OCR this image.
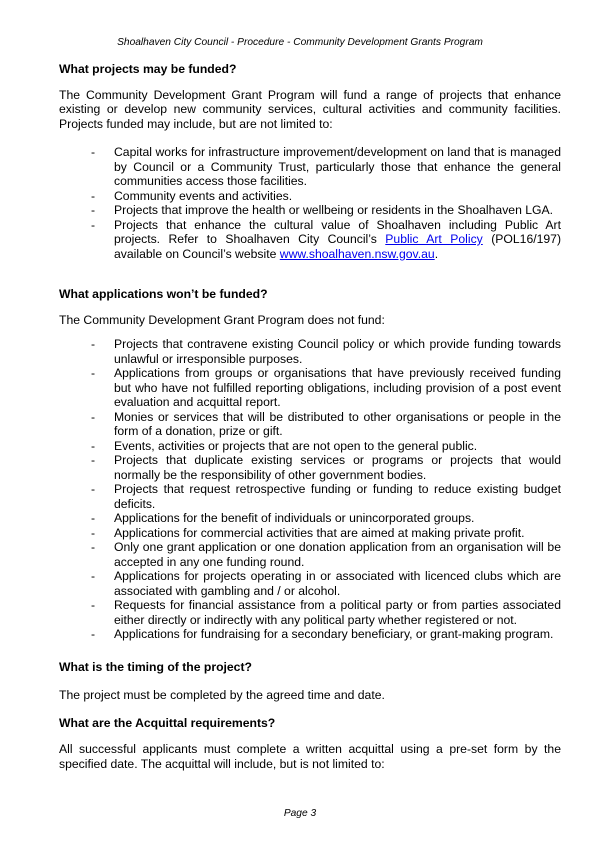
Shoalhaven City Council - Procedure - Community Development Grants Program
What projects may be funded?

The Community Development Grant Program will fund a range of projects that enhance existing or develop new community services, cultural activities and community facilities. Projects funded may include, but are not limited to:

- Capital works for infrastructure improvement/development on land that is managed by Council or a Community Trust, particularly those that enhance the general communities access those facilities.
- Community events and activities.
- Projects that improve the health or wellbeing or residents in the Shoalhaven LGA.
- Projects that enhance the cultural value of Shoalhaven including Public Art projects. Refer to Shoalhaven City Council’s Public Art Policy (POL16/197) available on Council’s website www.shoalhaven.nsw.gov.au.
What applications won’t be funded?

The Community Development Grant Program does not fund:

- Projects that contravene existing Council policy or which provide funding towards unlawful or irresponsible purposes.
- Applications from groups or organisations that have previously received funding but who have not fulfilled reporting obligations, including provision of a post event evaluation and acquittal report.
- Monies or services that will be distributed to other organisations or people in the form of a donation, prize or gift.
- Events, activities or projects that are not open to the general public.
- Projects that duplicate existing services or programs or projects that would normally be the responsibility of other government bodies.
- Projects that request retrospective funding or funding to reduce existing budget deficits.
- Applications for the benefit of individuals or unincorporated groups.
- Applications for commercial activities that are aimed at making private profit.
- Only one grant application or one donation application from an organisation will be accepted in any one funding round.
- Applications for projects operating in or associated with licenced clubs which are associated with gambling and / or alcohol.
- Requests for financial assistance from a political party or from parties associated either directly or indirectly with any political party whether registered or not.
- Applications for fundraising for a secondary beneficiary, or grant-making program.
What is the timing of the project?

The project must be completed by the agreed time and date.

What are the Acquittal requirements?

All successful applicants must complete a written acquittal using a pre-set form by the specified date. The acquittal will include, but is not limited to:

Page 3
